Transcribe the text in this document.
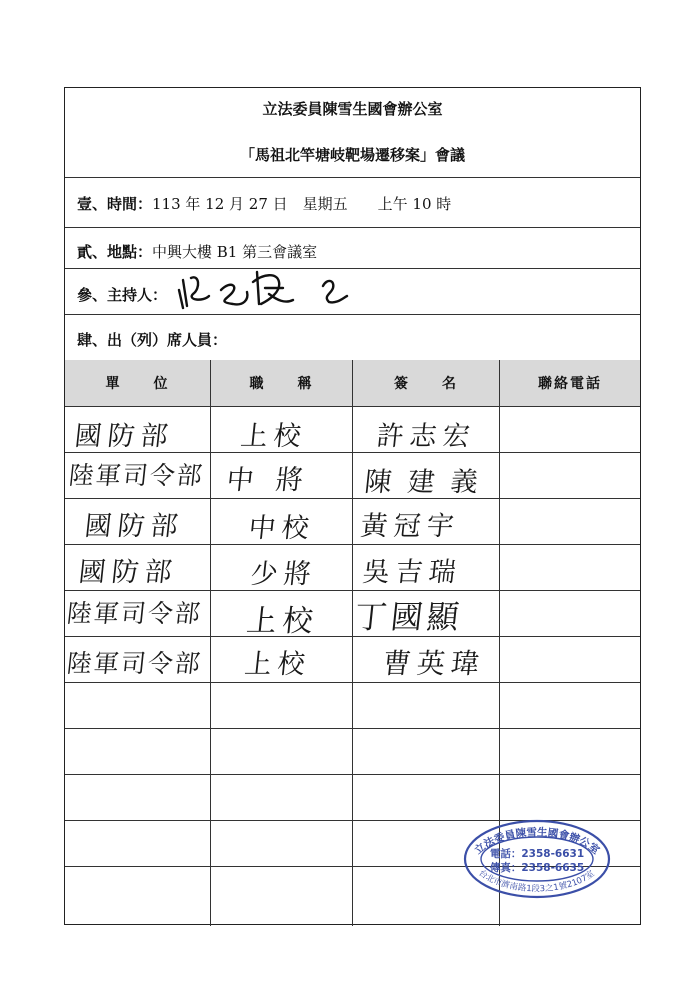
立法委員陳雪生國會辦公室
「馬祖北竿塘岐靶場遷移案」會議
壹、時間：113 年 12 月 27 日　星期五　　上午 10 時
貳、地點：中興大樓 B1 第三會議室
參、主持人：
肆、出（列）席人員：
單　　位	職　　稱	簽　　名	聯絡電話
國防部 上校 許志宏
陸軍司令部 中將 陳建義
國防部 中校 黃冠宇
國防部	少將 吳吉瑞
陸軍司令部 上校 丁國顯
陸軍司令部 上校 曹英瑋
立法委員陳雪生國會辦公室
台北市濟南路1段3之1號2107室
電話：2358-6631
傳真：2358-6635
